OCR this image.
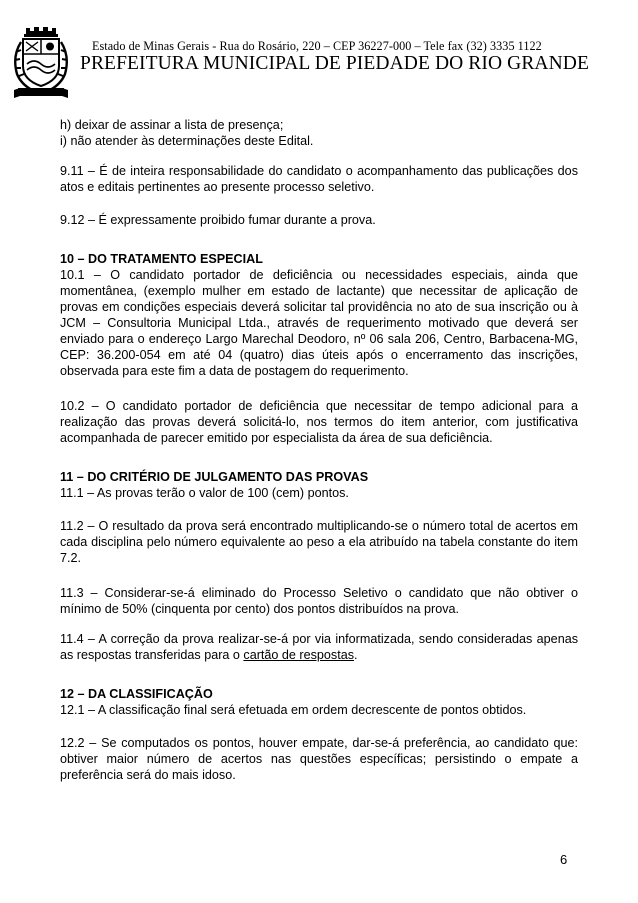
Estado de Minas Gerais - Rua do Rosário, 220 – CEP 36227-000 – Tele fax (32) 3335 1122
PREFEITURA MUNICIPAL DE PIEDADE DO RIO GRANDE

h) deixar de assinar a lista de presença;

i) não atender às determinações deste Edital.

9.11 – É de inteira responsabilidade do candidato o acompanhamento das publicações dos atos e editais pertinentes ao presente processo seletivo.

9.12 – É expressamente proibido fumar durante a prova.

10 – DO TRATAMENTO ESPECIAL

10.1 – O candidato portador de deficiência ou necessidades especiais, ainda que momentânea, (exemplo mulher em estado de lactante) que necessitar de aplicação de provas em condições especiais deverá solicitar tal providência no ato de sua inscrição ou à JCM – Consultoria Municipal Ltda., através de requerimento motivado que deverá ser enviado para o endereço Largo Marechal Deodoro, nº 06 sala 206, Centro, Barbacena-MG, CEP: 36.200-054 em até 04 (quatro) dias úteis após o encerramento das inscrições, observada para este fim a data de postagem do requerimento.

10.2 – O candidato portador de deficiência que necessitar de tempo adicional para a realização das provas deverá solicitá-lo, nos termos do item anterior, com justificativa acompanhada de parecer emitido por especialista da área de sua deficiência.

11 – DO CRITÉRIO DE JULGAMENTO DAS PROVAS

11.1 – As provas terão o valor de 100 (cem) pontos.

11.2 – O resultado da prova será encontrado multiplicando-se o número total de acertos em cada disciplina pelo número equivalente ao peso a ela atribuído na tabela constante do item 7.2.

11.3 – Considerar-se-á eliminado do Processo Seletivo o candidato que não obtiver o mínimo de 50% (cinquenta por cento) dos pontos distribuídos na prova.

11.4 – A correção da prova realizar-se-á por via informatizada, sendo consideradas apenas as respostas transferidas para o cartão de respostas.

12 – DA CLASSIFICAÇÃO

12.1 – A classificação final será efetuada em ordem decrescente de pontos obtidos.

12.2 – Se computados os pontos, houver empate, dar-se-á preferência, ao candidato que: obtiver maior número de acertos nas questões específicas; persistindo o empate a preferência será do mais idoso.

6
